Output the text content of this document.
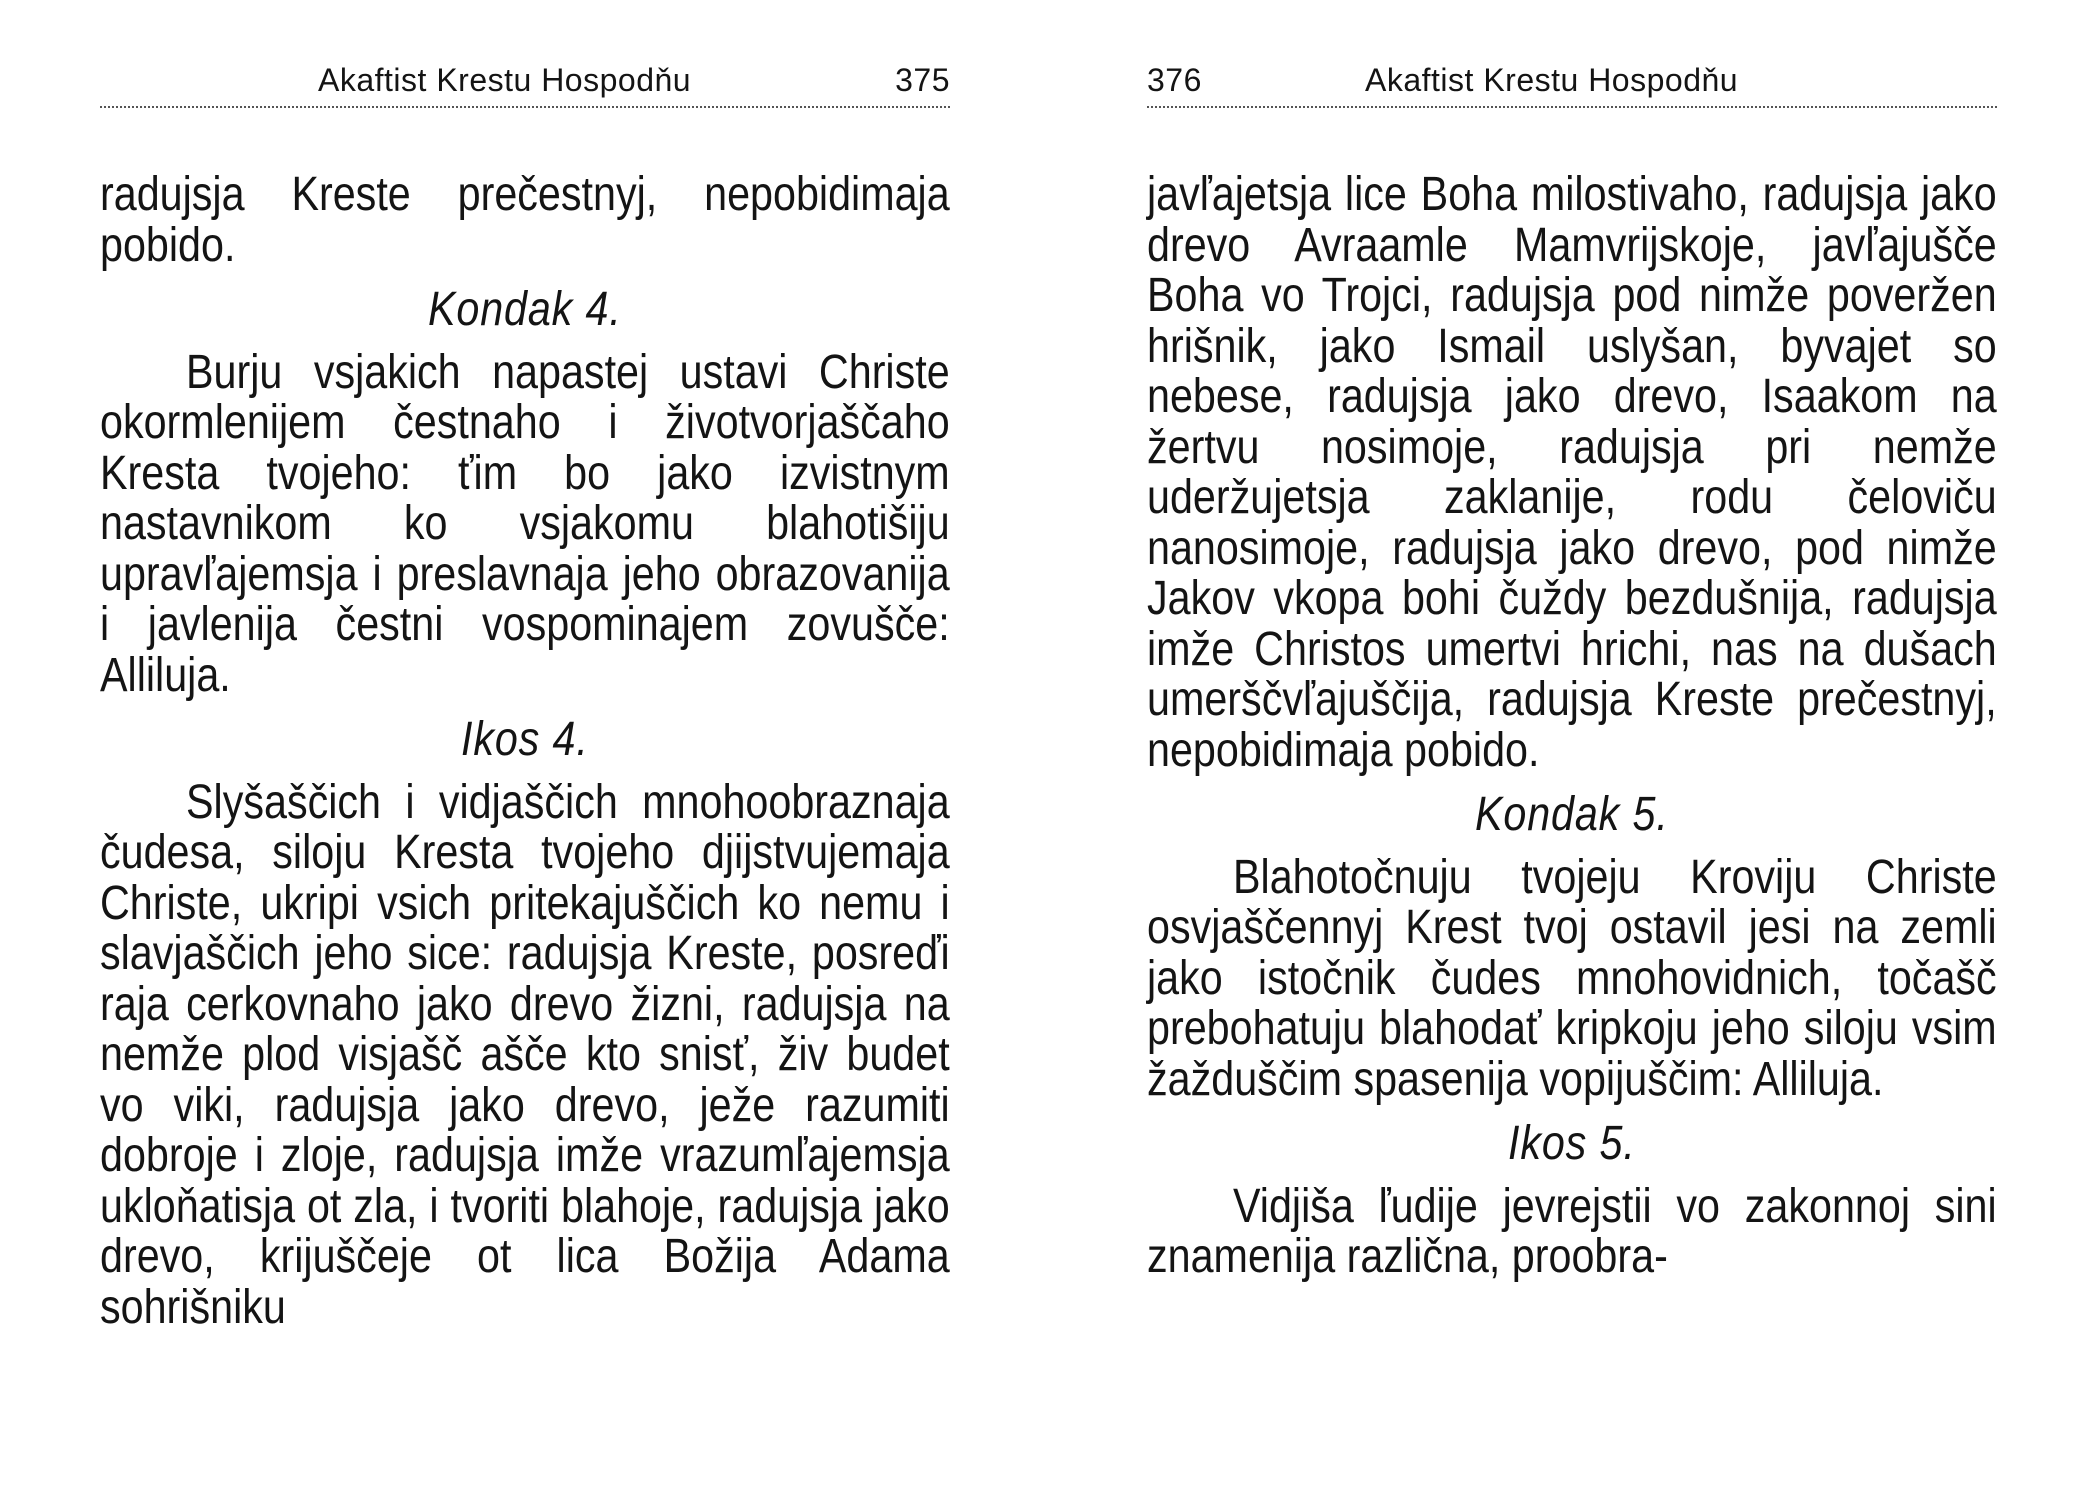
Akaftist Krestu Hospodňu	375

radujsja Kreste prečestnyj, nepobidimaja pobido.

Kondak 4.

Burju vsjakich napastej ustavi Christe okormlenijem čestnaho i životvorjaščaho Kresta tvojeho: ťim bo jako izvistnym nastavnikom ko vsjakomu blahotišiju upravľajemsja i preslavnaja jeho obrazovanija i javlenija čestni vospominajem zovušče: Alliluja.

Ikos 4.

Slyšaščich i vidjaščich mnohoobraznaja čudesa, siloju Kresta tvojeho djijstvujemaja Christe, ukripi vsich pritekajuščich ko nemu i slavjaščich jeho sice: radujsja Kreste, posreďi raja cerkovnaho jako drevo žizni, radujsja na nemže plod visjašč ašče kto snisť, živ budet vo viki, radujsja jako drevo, ježe razumiti dobroje i zloje, radujsja imže vrazumľajemsja ukloňatisja ot zla, i tvoriti blahoje, radujsja jako drevo, krijuščeje ot lica Božija Adama sohrišniku

376	Akaftist Krestu Hospodňu

javľajetsja lice Boha milostivaho, radujsja jako drevo Avraamle Mamvrijskoje, javľajušče Boha vo Trojci, radujsja pod nimže poveržen hrišnik, jako Ismail uslyšan, byvajet so nebese, radujsja jako drevo, Isaakom na žertvu nosimoje, radujsja pri nemže uderžujetsja zaklanije, rodu čeloviču nanosimoje, radujsja jako drevo, pod nimže Jakov vkopa bohi čuždy bezdušnija, radujsja imže Christos umertvi hrichi, nas na dušach umerščvľajuščija, radujsja Kreste prečestnyj, nepobidimaja pobido.

Kondak 5.

Blahotočnuju tvojeju Kroviju Christe osvjaščennyj Krest tvoj ostavil jesi na zemli jako istočnik čudes mnohovidnich, točašč prebohatuju blahodať kripkoju jeho siloju vsim žažduščim spasenija vopijuščim: Alliluja.

Ikos 5.

Vidjiša ľudije jevrejstii vo zakonnoj sini znamenija različna, proobra-
